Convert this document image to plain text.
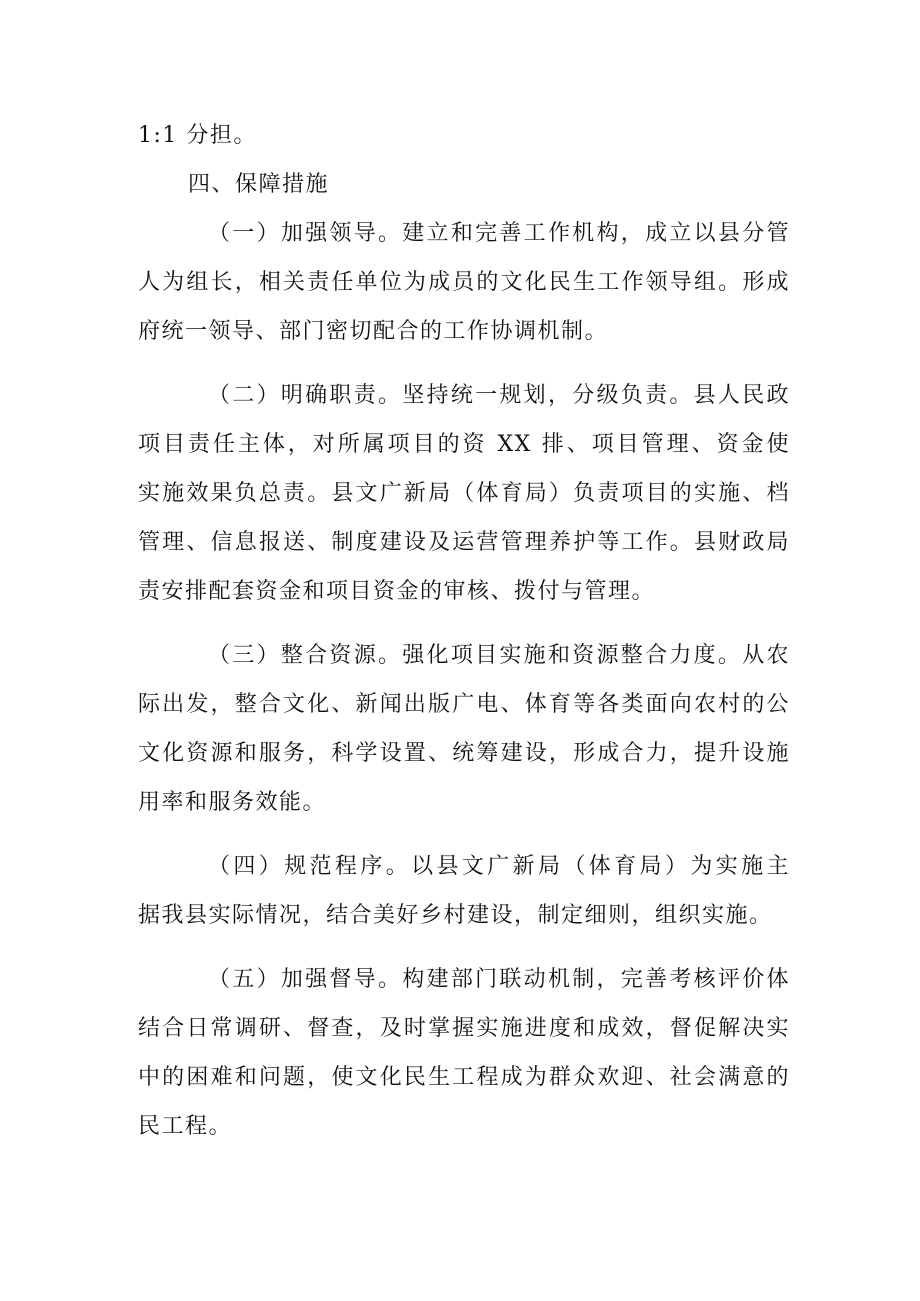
1:1 分担。
四、保障措施
（一）加强领导。建立和完善工作机构，成立以县分管
人为组长，相关责任单位为成员的文化民生工作领导组。形成
府统一领导、部门密切配合的工作协调机制。
（二）明确职责。坚持统一规划，分级负责。县人民政
项目责任主体，对所属项目的资 XX 排、项目管理、资金使
实施效果负总责。县文广新局（体育局）负责项目的实施、档
管理、信息报送、制度建设及运营管理养护等工作。县财政局
责安排配套资金和项目资金的审核、拨付与管理。
（三）整合资源。强化项目实施和资源整合力度。从农
际出发，整合文化、新闻出版广电、体育等各类面向农村的公
文化资源和服务，科学设置、统筹建设，形成合力，提升设施
用率和服务效能。
（四）规范程序。以县文广新局（体育局）为实施主
据我县实际情况，结合美好乡村建设，制定细则，组织实施。
（五）加强督导。构建部门联动机制，完善考核评价体
结合日常调研、督查，及时掌握实施进度和成效，督促解决实
中的困难和问题，使文化民生工程成为群众欢迎、社会满意的
民工程。
